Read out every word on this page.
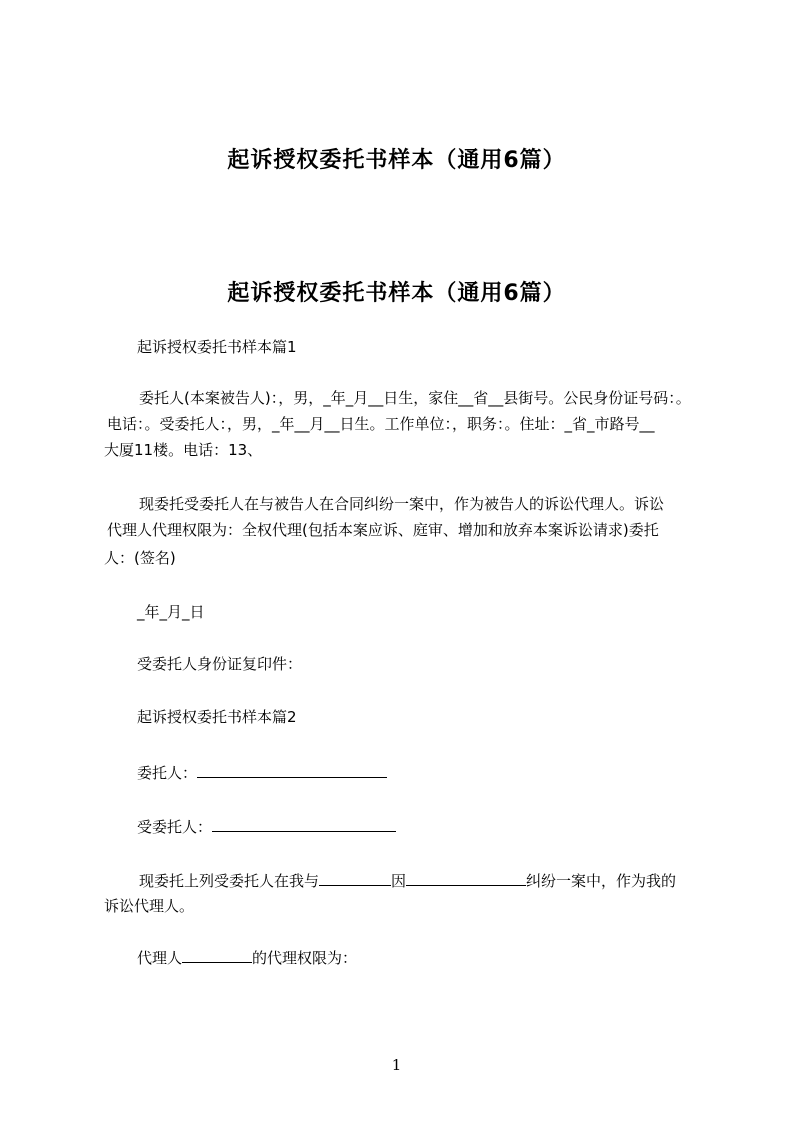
起诉授权委托书样本（通用6篇）
起诉授权委托书样本（通用6篇）
起诉授权委托书样本篇1
委托人(本案被告人)：，男，_年_月__日生，家住__省__县街号。公民身份证号码：。
电话：。受委托人：，男，_年__月__日生。工作单位：，职务：。住址：_省_市路号__
大厦11楼。电话：13、
现委托受委托人在与被告人在合同纠纷一案中，作为被告人的诉讼代理人。诉讼
代理人代理权限为：全权代理(包括本案应诉、庭审、增加和放弃本案诉讼请求)委托
人：(签名)
_年_月_日
受委托人身份证复印件：
起诉授权委托书样本篇2
委托人：
受委托人：
现委托上列受委托人在我与	因	纠纷一案中，作为我的
诉讼代理人。
代理人	的代理权限为：
1
